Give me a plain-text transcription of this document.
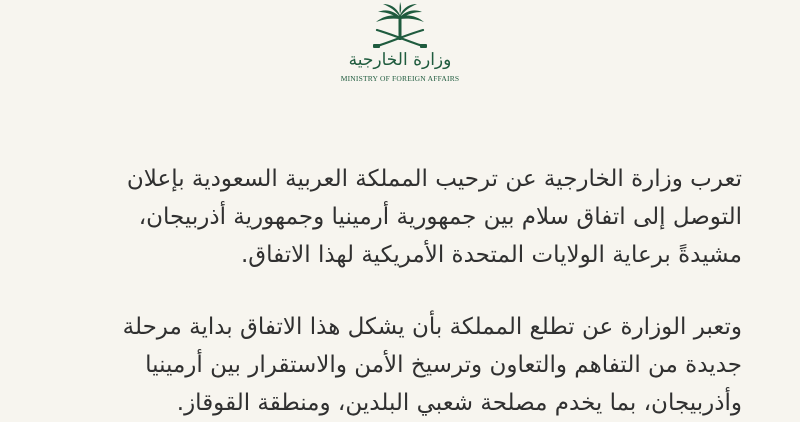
وزارة الخارجية
MINISTRY OF FOREIGN AFFAIRS
تعرب وزارة الخارجية عن ترحيب المملكة العربية السعودية بإعلان
التوصل إلى اتفاق سلام بين جمهورية أرمينيا وجمهورية أذربيجان،
مشيدةً برعاية الولايات المتحدة الأمريكية لهذا الاتفاق.
وتعبر الوزارة عن تطلع المملكة بأن يشكل هذا الاتفاق بداية مرحلة
جديدة من التفاهم والتعاون وترسيخ الأمن والاستقرار بين أرمينيا
وأذربيجان، بما يخدم مصلحة شعبي البلدين، ومنطقة القوقاز.
